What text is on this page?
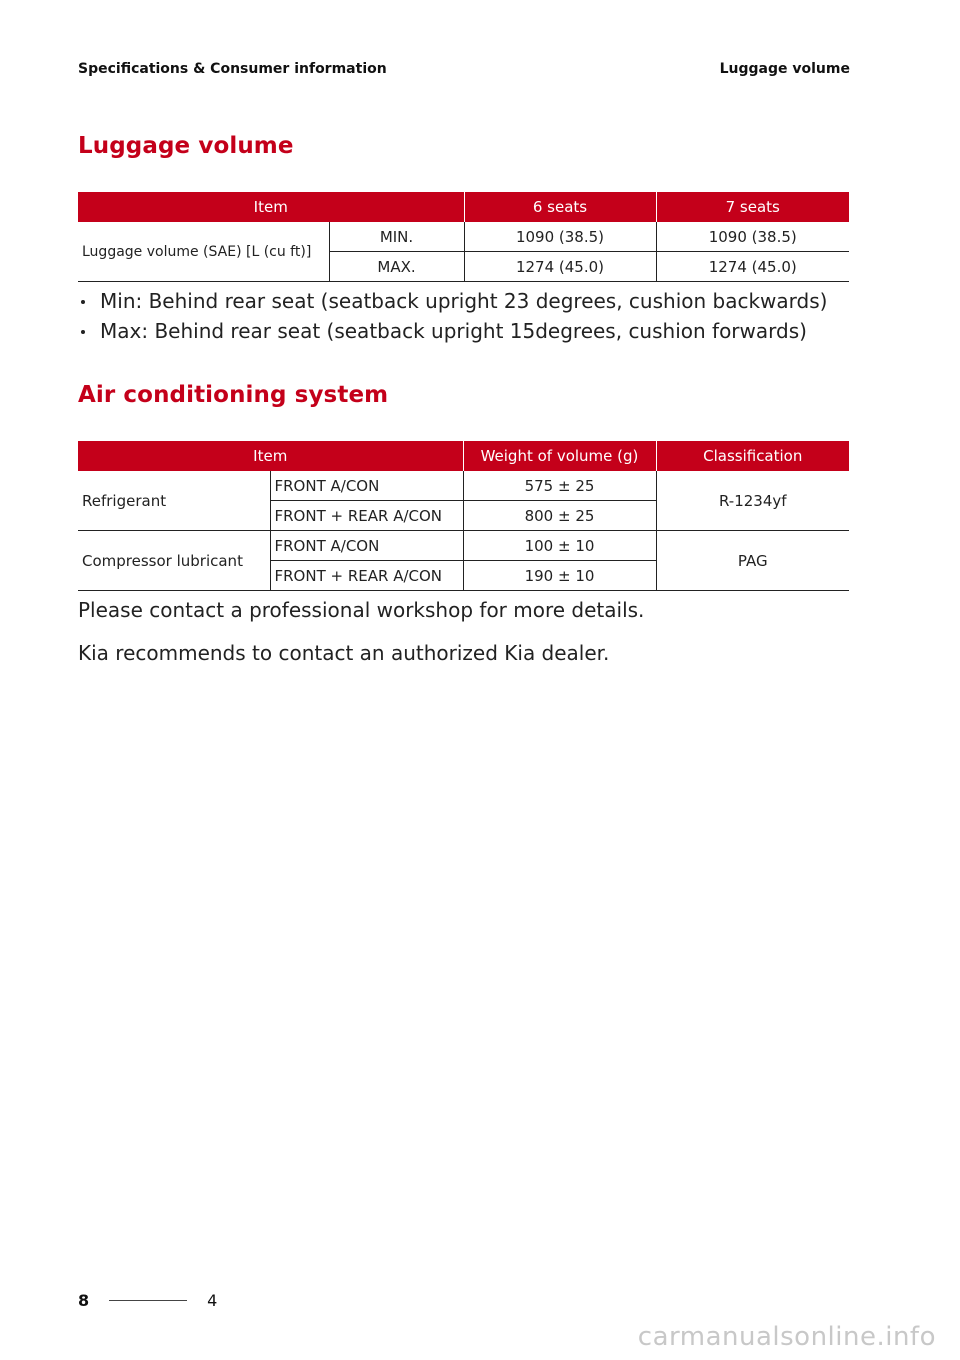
Specifications & Consumer information	Luggage volume
Luggage volume
Item		6 seats	7 seats
Luggage volume (SAE) [L (cu ft)]	MIN.	1090 (38.5)	1090 (38.5)
	MAX.	1274 (45.0)	1274 (45.0)
Min: Behind rear seat (seatback upright 23 degrees, cushion backwards)
Max: Behind rear seat (seatback upright 15degrees, cushion forwards)
Air conditioning system
Item		Weight of volume (g)	Classification
Refrigerant	FRONT A/CON	575 ± 25	R-1234yf
	FRONT + REAR A/CON	800 ± 25	
Compressor lubricant	FRONT A/CON	100 ± 10	PAG
	FRONT + REAR A/CON	190 ± 10	

Please contact a professional workshop for more details.

Kia recommends to contact an authorized Kia dealer.

8	4
carmanualsonline.info
